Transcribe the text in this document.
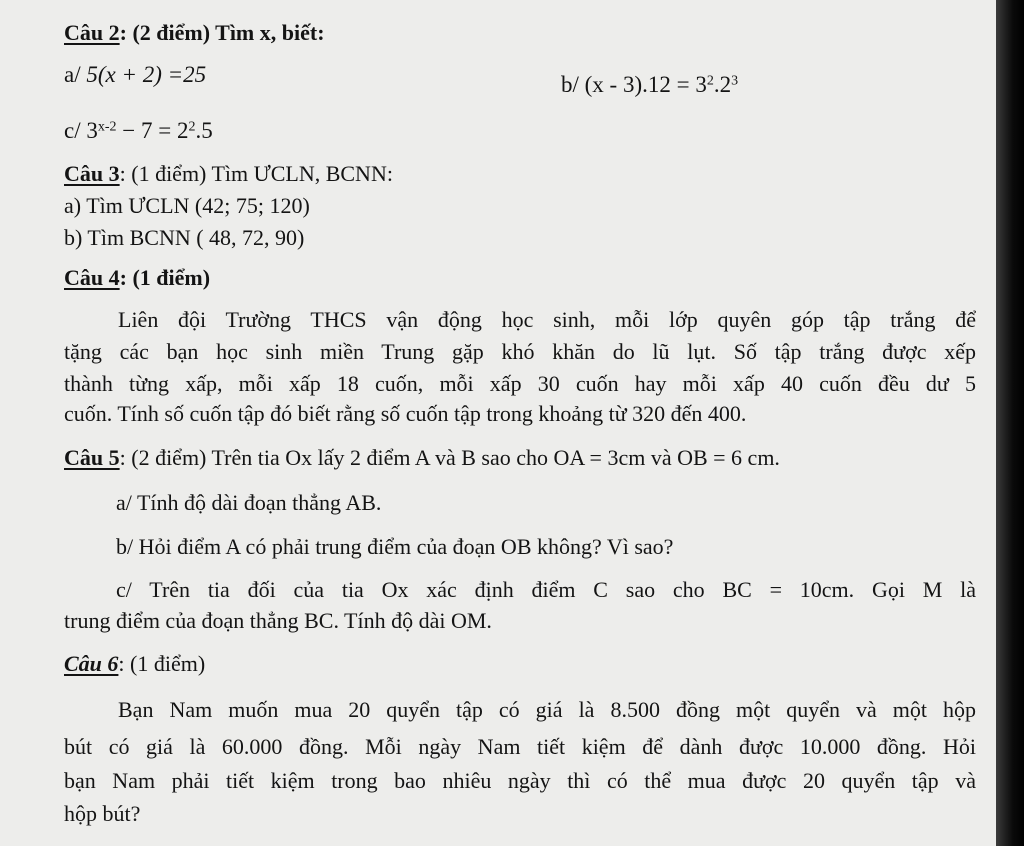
Câu 2: (2 điểm) Tìm x, biết:
a/ 5(x + 2) =25	b/ $(x - 3).12 = 3^2.2^3$
c/ $3^{x-2} - 7 = 2^2.5$
Câu 3: (1 điểm) Tìm ƯCLN, BCNN:
a) Tìm ƯCLN (42; 75; 120)
b) Tìm BCNN ( 48, 72, 90)
Câu 4: (1 điểm)
Liên đội Trường THCS vận động học sinh, mỗi lớp quyên góp tập trắng để
tặng các bạn học sinh miền Trung gặp khó khăn do lũ lụt. Số tập trắng được xếp
thành từng xấp, mỗi xấp 18 cuốn, mỗi xấp 30 cuốn hay mỗi xấp 40 cuốn đều dư 5
cuốn. Tính số cuốn tập đó biết rằng số cuốn tập trong khoảng từ 320 đến 400.
Câu 5: (2 điểm) Trên tia Ox lấy 2 điểm A và B sao cho OA = 3cm và OB = 6 cm.
a/ Tính độ dài đoạn thẳng AB.
b/ Hỏi điểm A có phải trung điểm của đoạn OB không? Vì sao?
c/ Trên tia đối của tia Ox xác định điểm C sao cho BC = 10cm. Gọi M là
trung điểm của đoạn thẳng BC. Tính độ dài OM.
Câu 6: (1 điểm)
Bạn Nam muốn mua 20 quyển tập có giá là 8.500 đồng một quyển và một hộp
bút có giá là 60.000 đồng. Mỗi ngày Nam tiết kiệm để dành được 10.000 đồng. Hỏi
bạn Nam phải tiết kiệm trong bao nhiêu ngày thì có thể mua được 20 quyển tập và
hộp bút?
